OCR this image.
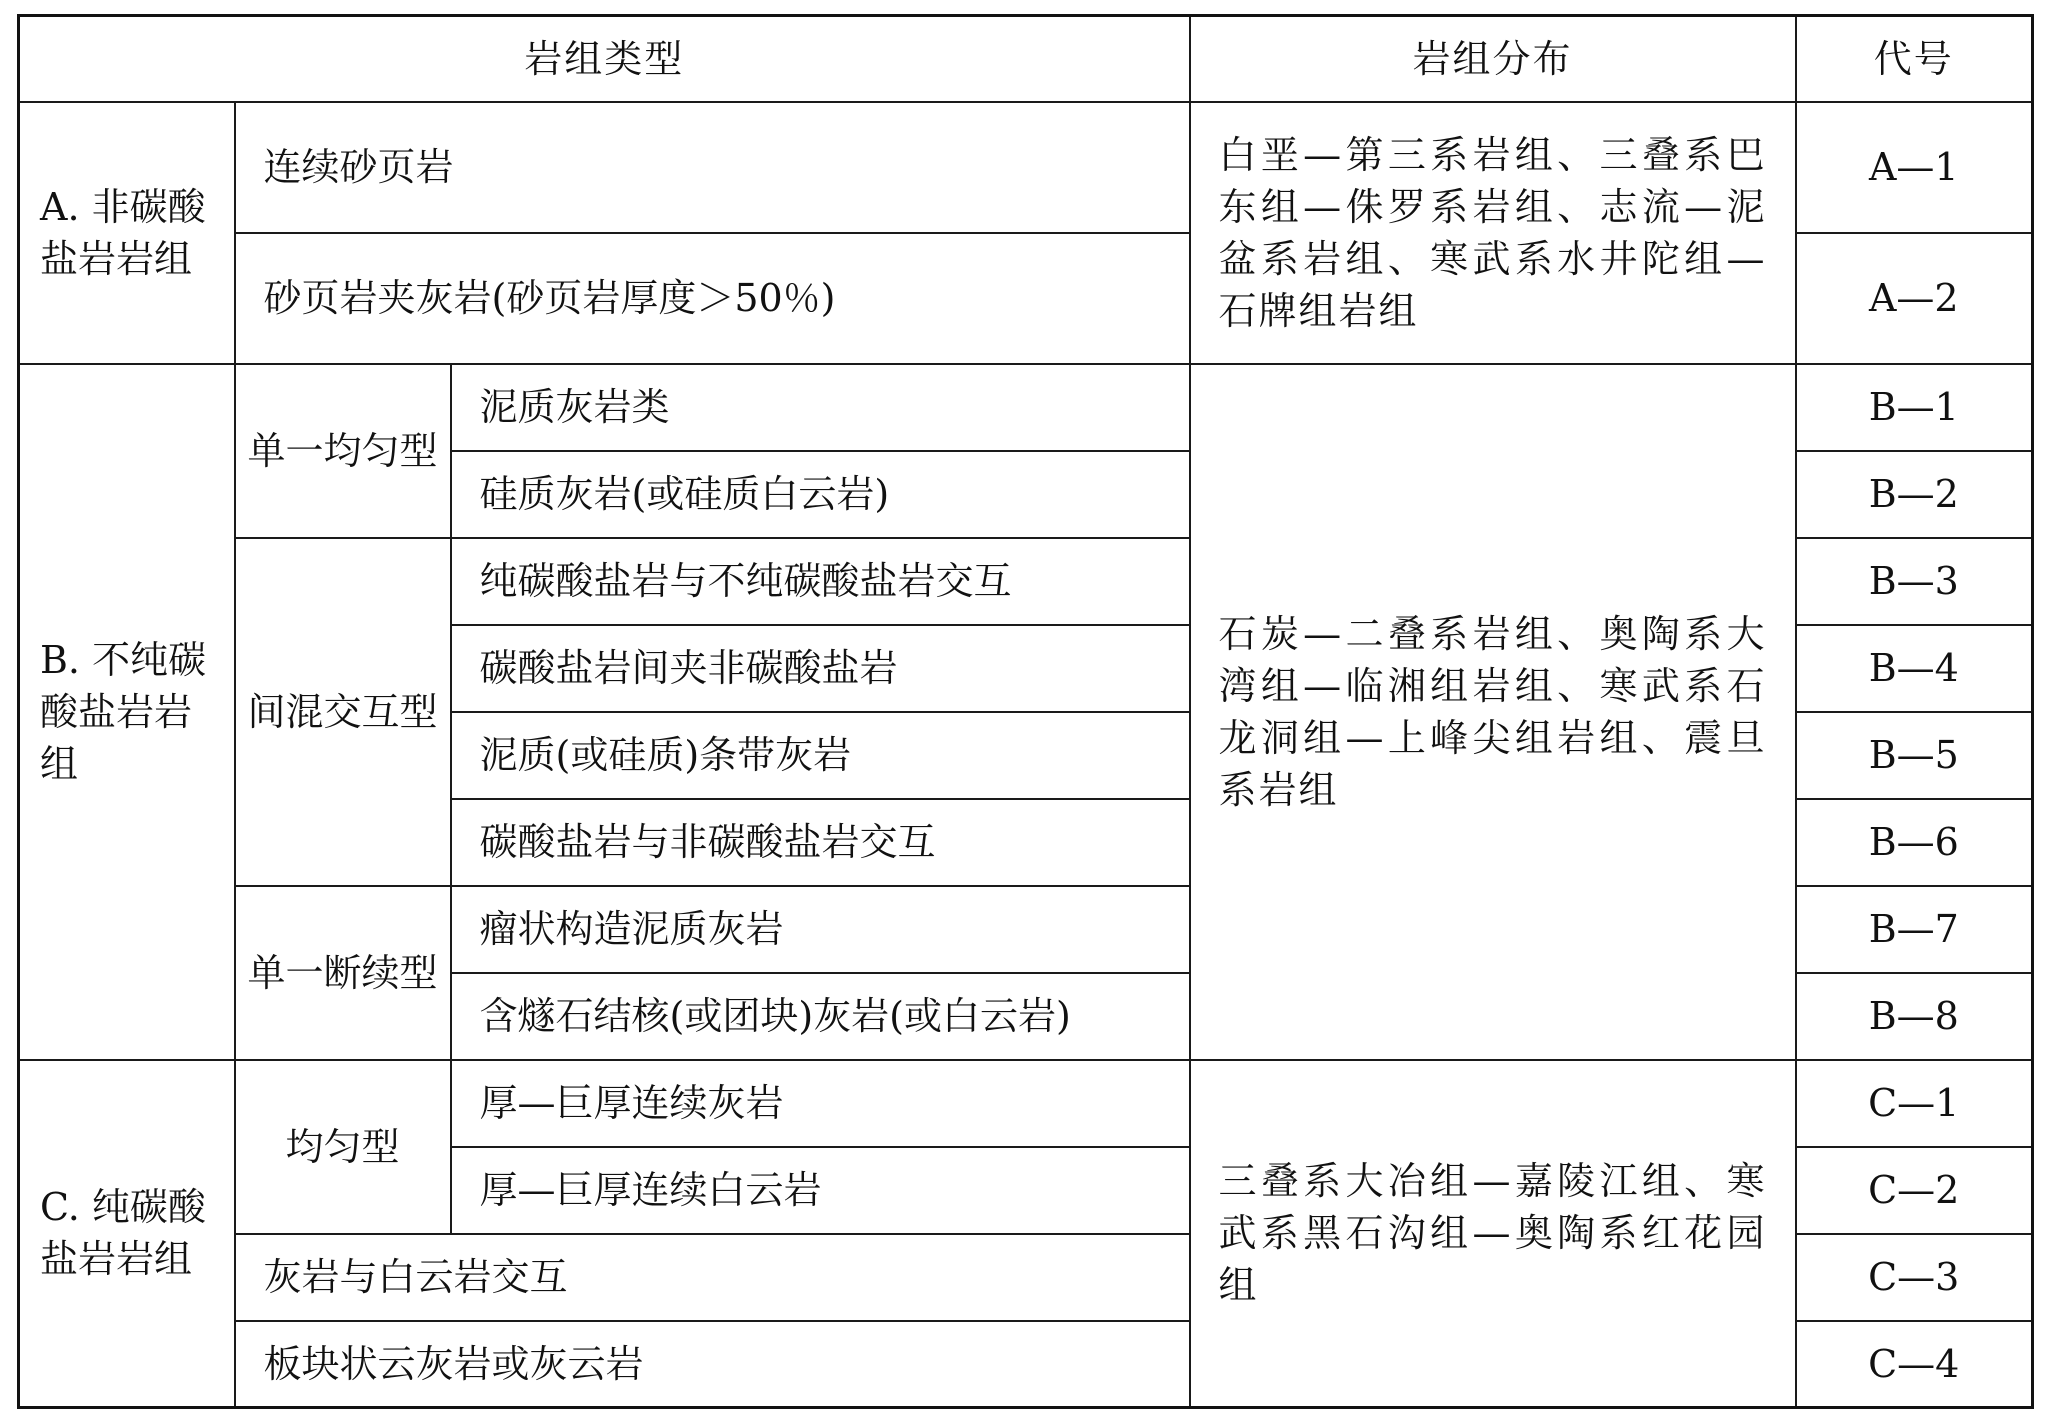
岩组类型			岩组分布	代号
A. 非碳酸盐岩岩组	连续砂页岩		白垩—第三系岩组、三叠系巴东组—侏罗系岩组、志流—泥盆系岩组、寒武系水井陀组—石牌组岩组	A—1
	砂页岩夹灰岩(砂页岩厚度＞50％)			A—2
B. 不纯碳酸盐岩岩组	单一均匀型	泥质灰岩类	石炭—二叠系岩组、奥陶系大湾组—临湘组岩组、寒武系石龙洞组—上峰尖组岩组、震旦系岩组	B—1
		硅质灰岩(或硅质白云岩)		B—2
	间混交互型	纯碳酸盐岩与不纯碳酸盐岩交互		B—3
		碳酸盐岩间夹非碳酸盐岩		B—4
		泥质(或硅质)条带灰岩		B—5
		碳酸盐岩与非碳酸盐岩交互		B—6
	单一断续型	瘤状构造泥质灰岩		B—7
		含燧石结核(或团块)灰岩(或白云岩)		B—8
C. 纯碳酸盐岩岩组	均匀型	厚—巨厚连续灰岩	三叠系大冶组—嘉陵江组、寒武系黑石沟组—奥陶系红花园组	C—1
		厚—巨厚连续白云岩		C—2
	灰岩与白云岩交互			C—3
	板块状云灰岩或灰云岩			C—4
